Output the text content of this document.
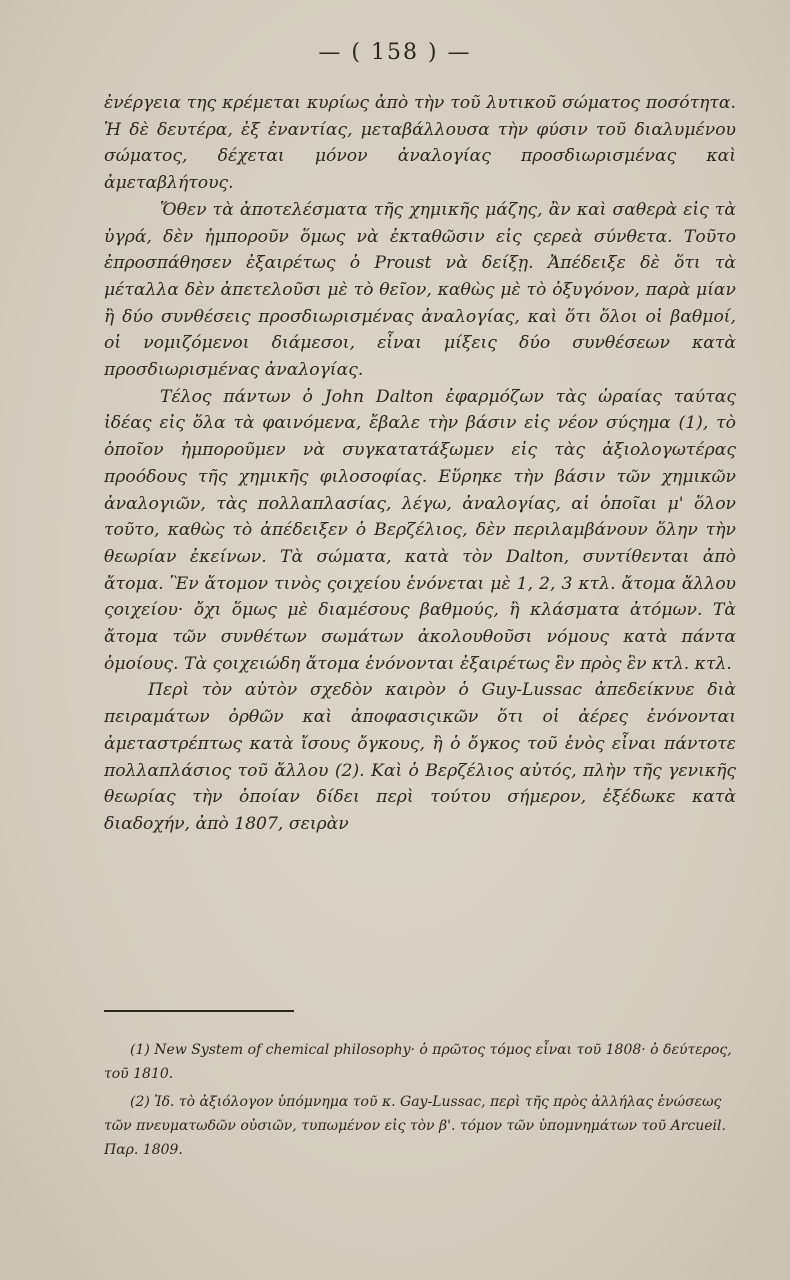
— ( 158 ) —

ἐνέργεια της κρέμεται κυρίως ἀπὸ τὴν τοῦ λυτικοῦ σώματος ποσότητα. Ἡ δὲ δευτέρα, ἐξ ἐναντίας, μεταβάλλουσα τὴν φύσιν τοῦ διαλυμένου σώματος, δέχεται μόνον ἀναλογίας προσδιωρισμένας καὶ ἀμεταβλήτους.

Ὅθεν τὰ ἀποτελέσματα τῆς χημικῆς μάζης, ἂν καὶ σαθερὰ εἰς τὰ ὑγρά, δὲν ἠμποροῦν ὅμως νὰ ἐκταθῶσιν εἰς ςερεὰ σύνθετα. Τοῦτο ἐπροσπάθησεν ἐξαιρέτως ὁ Proust νὰ δείξῃ. Ἀπέδειξε δὲ ὅτι τὰ μέταλλα δὲν ἀπετελοῦσι μὲ τὸ θεῖον, καθὼς μὲ τὸ ὀξυγόνον, παρὰ μίαν ἢ δύο συνθέσεις προσδιωρισμένας ἀναλογίας, καὶ ὅτι ὅλοι οἱ βαθμοί, οἱ νομιζόμενοι διάμεσοι, εἶναι μίξεις δύο συνθέσεων κατὰ προσδιωρισμένας ἀναλογίας.

Τέλος πάντων ὁ John Dalton ἐφαρμόζων τὰς ὡραίας ταύτας ἰδέας εἰς ὅλα τὰ φαινόμενα, ἔβαλε τὴν βάσιν εἰς νέον σύςημα (1), τὸ ὁποῖον ἠμποροῦμεν νὰ συγκατατάξωμεν εἰς τὰς ἀξιολογωτέρας προόδους τῆς χημικῆς φιλοσοφίας. Εὕρηκε τὴν βάσιν τῶν χημικῶν ἀναλογιῶν, τὰς πολλαπλασίας, λέγω, ἀναλογίας, αἱ ὁποῖαι μ' ὅλον τοῦτο, καθὼς τὸ ἀπέδειξεν ὁ Βερζέλιος, δὲν περιλαμβάνουν ὅλην τὴν θεωρίαν ἐκείνων. Τὰ σώματα, κατὰ τὸν Dalton, συντίθενται ἀπὸ ἄτομα. Ἓν ἄτομον τινὸς ςοιχείου ἑνόνεται μὲ 1, 2, 3 κτλ. ἄτομα ἄλλου ςοιχείου· ὄχι ὅμως μὲ διαμέσους βαθμούς, ἢ κλάσματα ἀτόμων. Τὰ ἄτομα τῶν συνθέτων σωμάτων ἀκολουθοῦσι νόμους κατὰ πάντα ὁμοίους. Τὰ ςοιχειώδη ἄτομα ἑνόνονται ἐξαιρέτως ἓν πρὸς ἓν κτλ. κτλ.

Περὶ τὸν αὐτὸν σχεδὸν καιρὸν ὁ Guy-Lussac ἀπεδείκνυε διὰ πειραμάτων ὀρθῶν καὶ ἀποφασιςικῶν ὅτι οἱ ἀέρες ἑνόνονται ἀμεταστρέπτως κατὰ ἴσους ὄγκους, ἢ ὁ ὄγκος τοῦ ἑνὸς εἶναι πάντοτε πολλαπλάσιος τοῦ ἄλλου (2). Καὶ ὁ Βερζέλιος αὐτός, πλὴν τῆς γενικῆς θεωρίας τὴν ὁποίαν δίδει περὶ τούτου σήμερον, ἐξέδωκε κατὰ διαδοχήν, ἀπὸ 1807, σειρὰν

(1) New System of chemical philosophy· ὁ πρῶτος τόμος εἶναι τοῦ 1808· ὁ δεύτερος, τοῦ 1810.

(2) Ἰδ. τὸ ἀξιόλογον ὑπόμνημα τοῦ κ. Gay-Lussac, περὶ τῆς πρὸς ἀλλήλας ἑνώσεως τῶν πνευματωδῶν οὐσιῶν, τυπωμένον εἰς τὸν β'. τόμον τῶν ὑπομνημάτων τοῦ Arcueil. Παρ. 1809.
